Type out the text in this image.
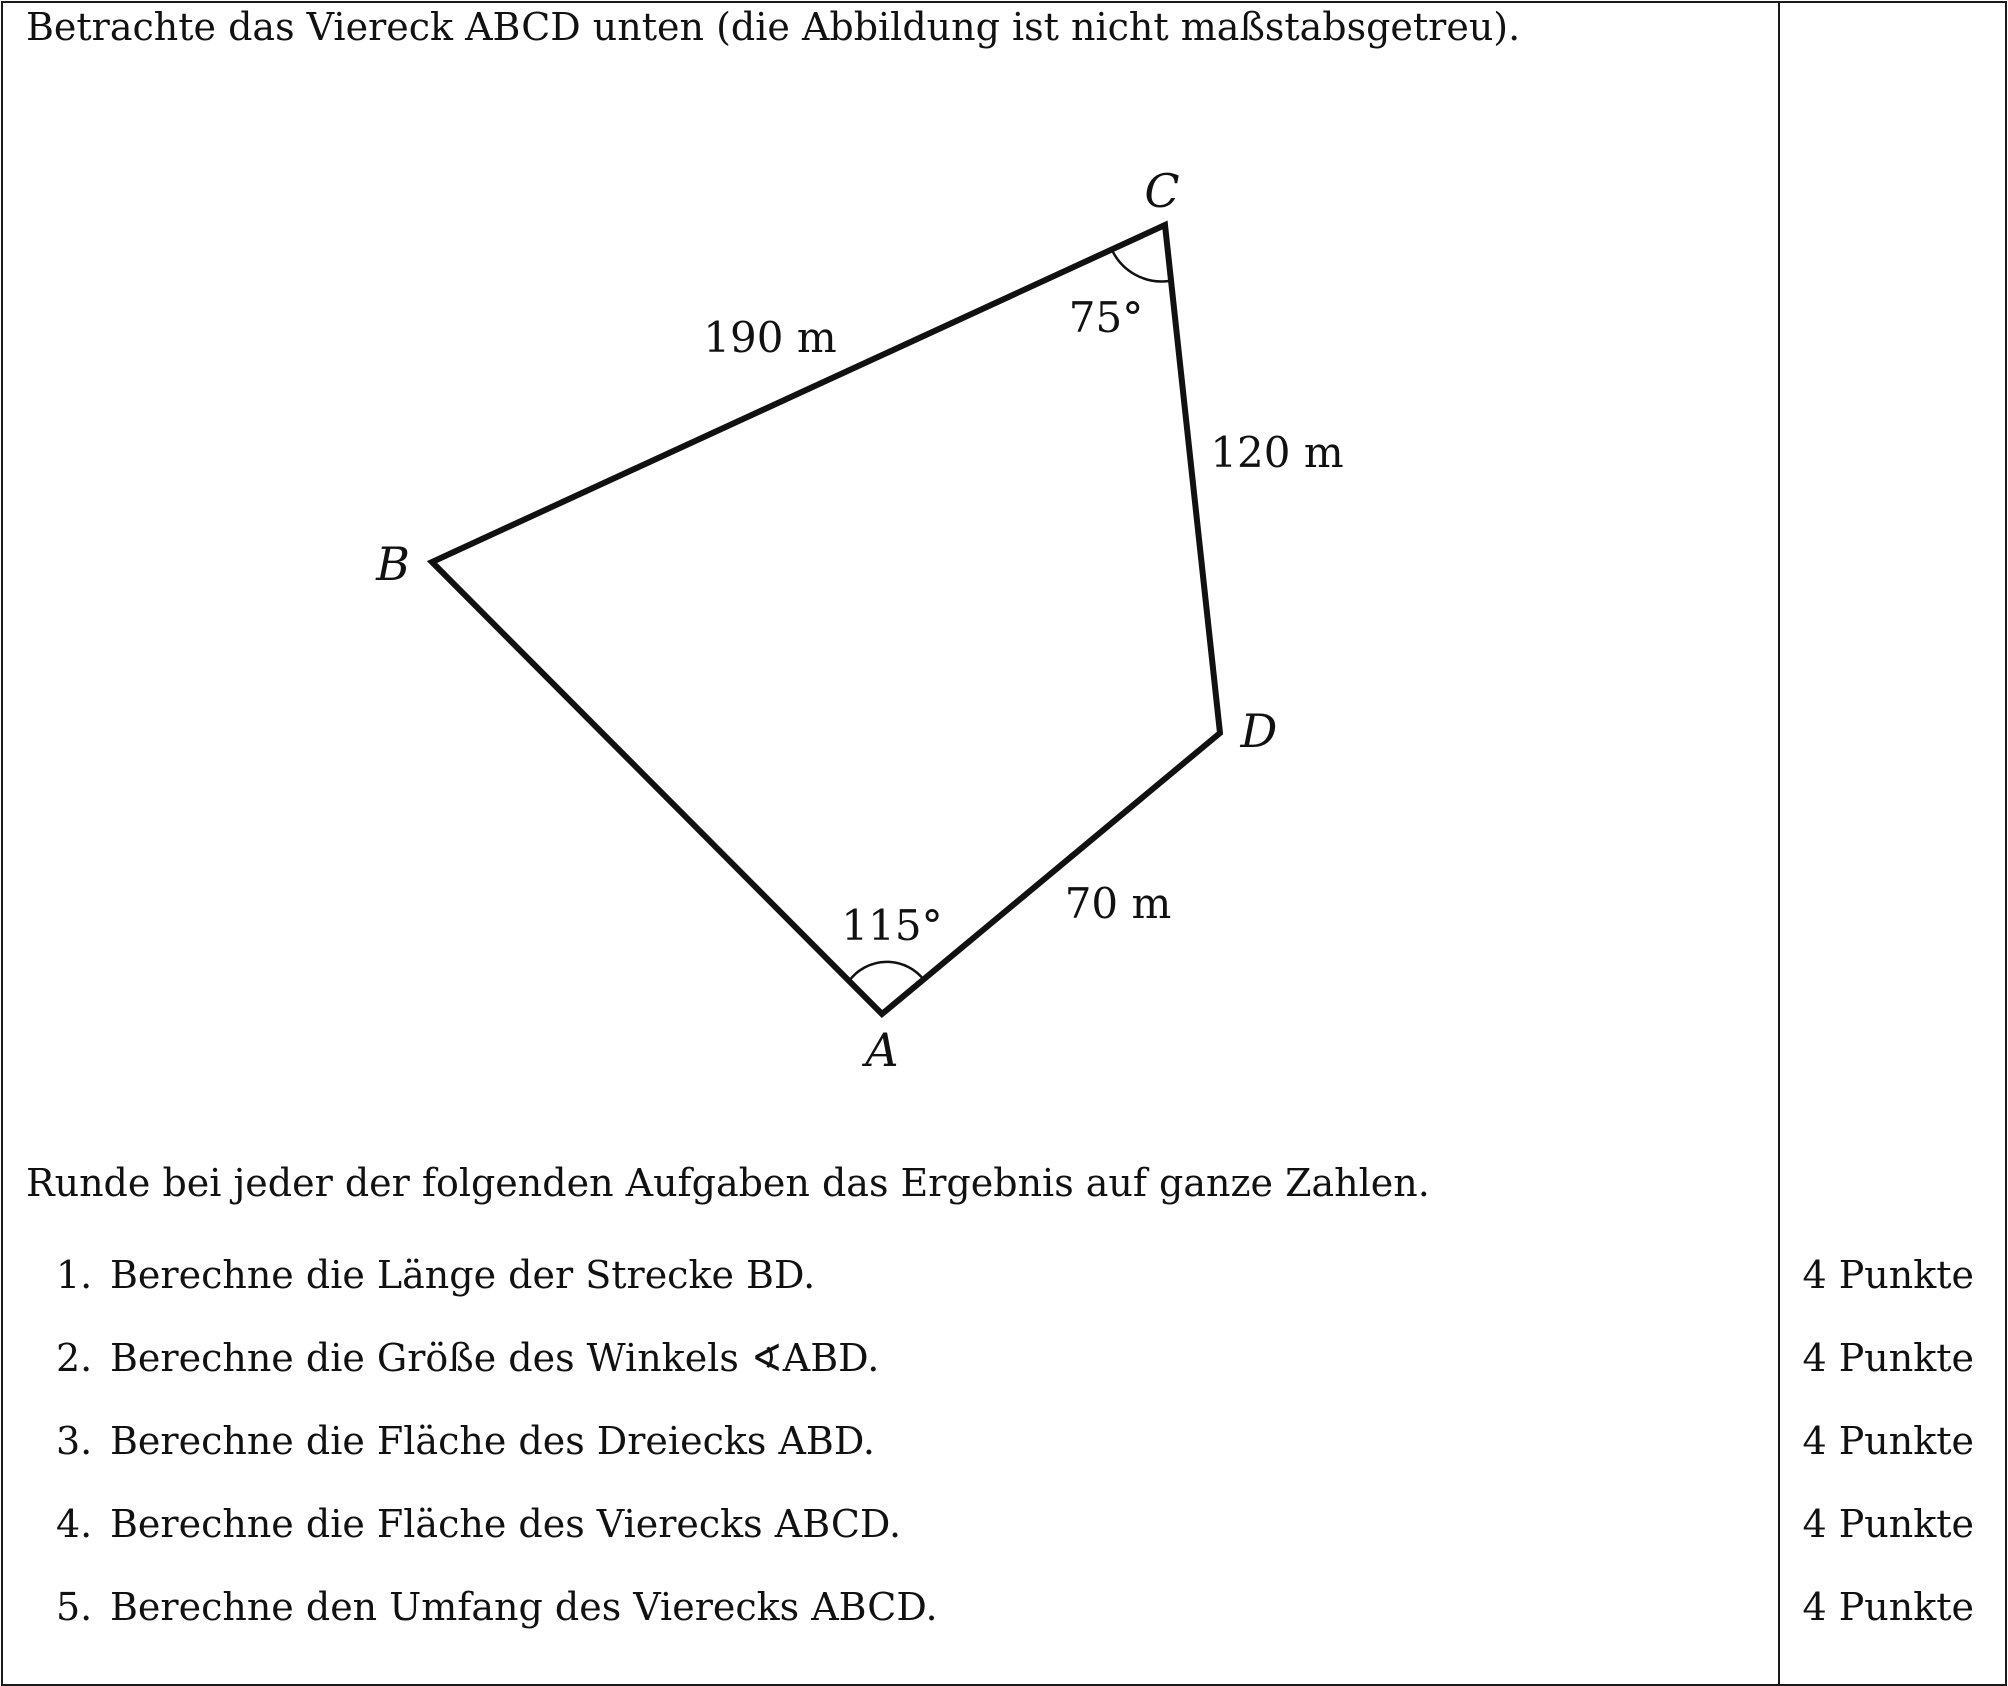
Betrachte das Viereck ABCD unten (die Abbildung ist nicht maßstabsgetreu).
A
B
C
D
190 m
120 m
70 m
75°
115°
Runde bei jeder der folgenden Aufgaben das Ergebnis auf ganze Zahlen.
1. Berechne die Länge der Strecke BD.	4 Punkte
2. Berechne die Größe des Winkels ∢ABD.	4 Punkte
3. Berechne die Fläche des Dreiecks ABD.	4 Punkte
4. Berechne die Fläche des Vierecks ABCD.	4 Punkte
5. Berechne den Umfang des Vierecks ABCD.	4 Punkte
